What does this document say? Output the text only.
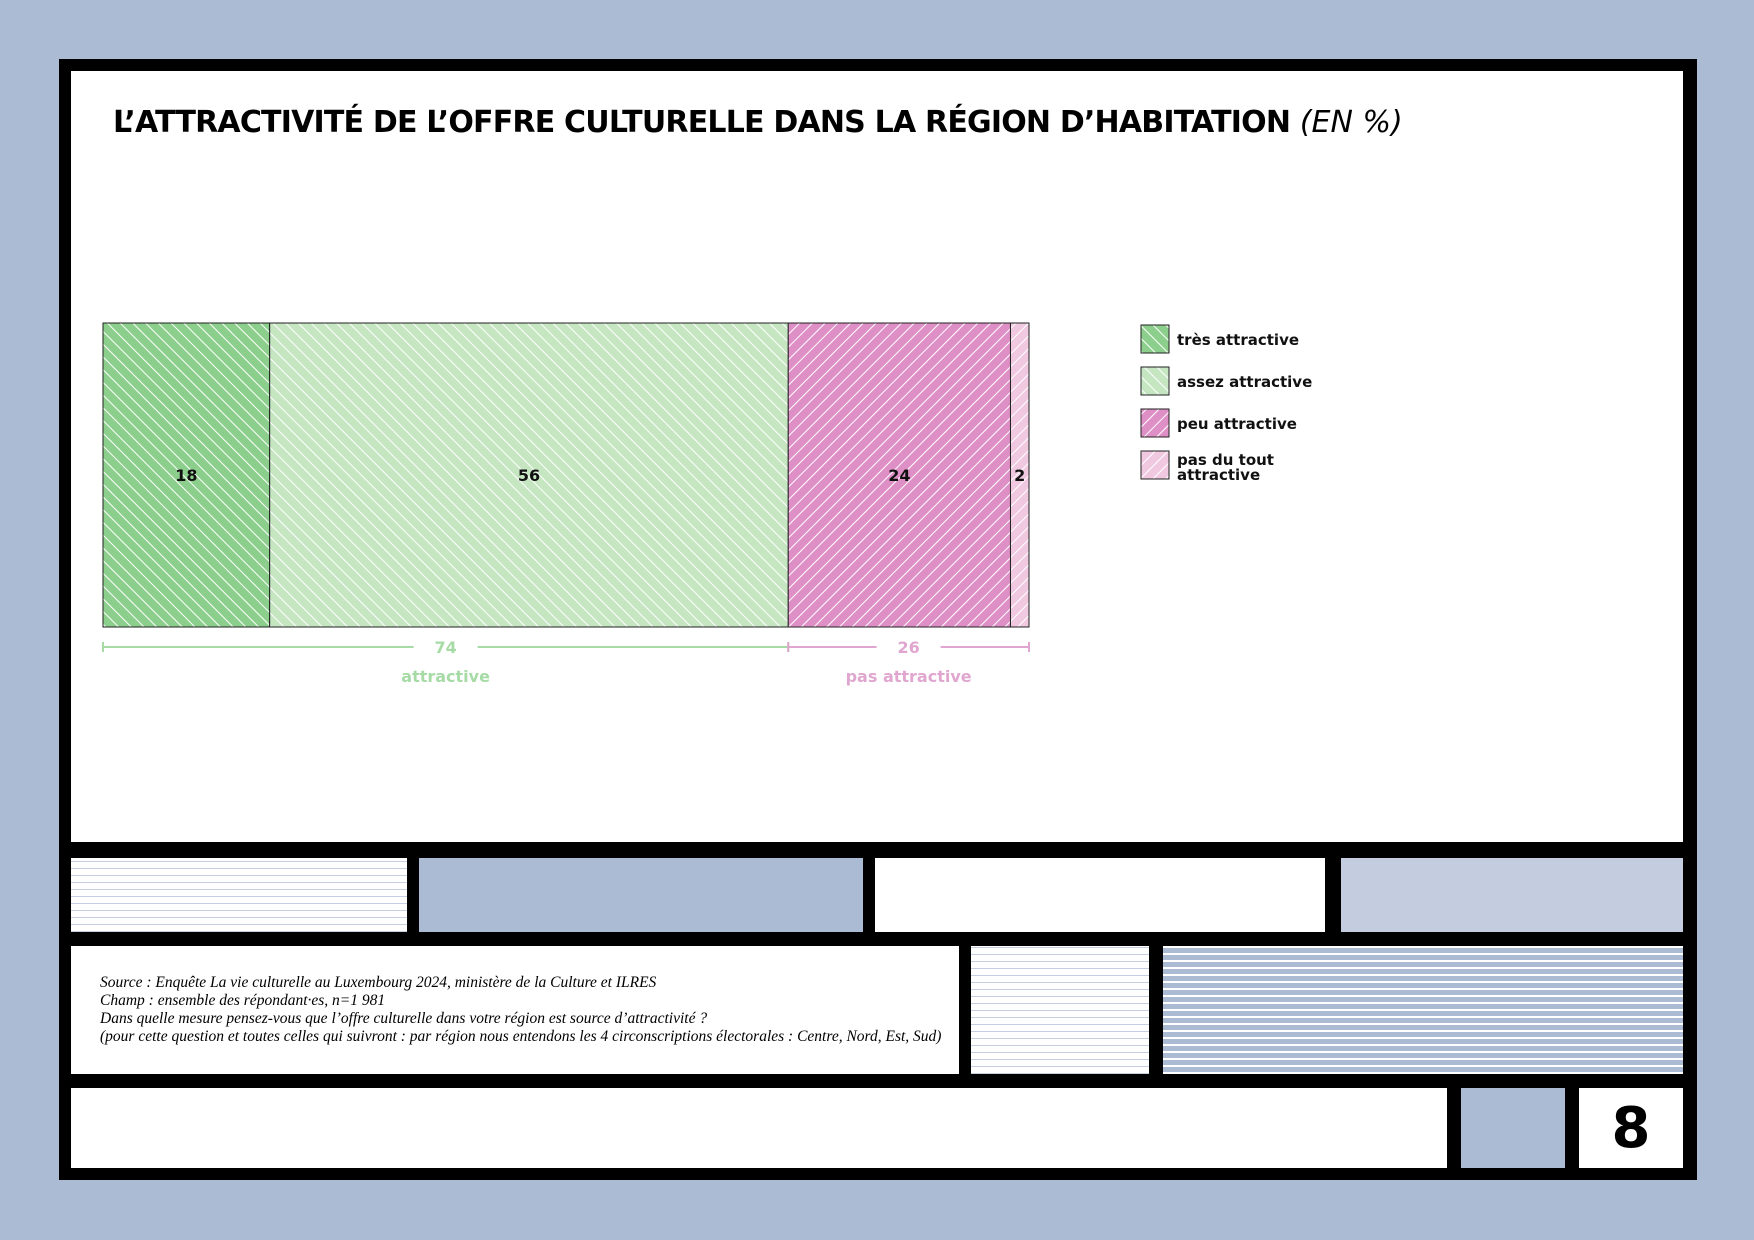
L’ATTRACTIVITÉ DE L’OFFRE CULTURELLE DANS LA RÉGION D’HABITATION (EN %)
18	56	24	2
74
attractive
26
pas attractive
très attractive
assez attractive
peu attractive
pas du tout
attractive
Source : Enquête La vie culturelle au Luxembourg 2024, ministère de la Culture et ILRES
Champ : ensemble des répondant·es, n=1 981
Dans quelle mesure pensez-vous que l’offre culturelle dans votre région est source d’attractivité ?
(pour cette question et toutes celles qui suivront : par région nous entendons les 4 circonscriptions électorales : Centre, Nord, Est, Sud)
8
